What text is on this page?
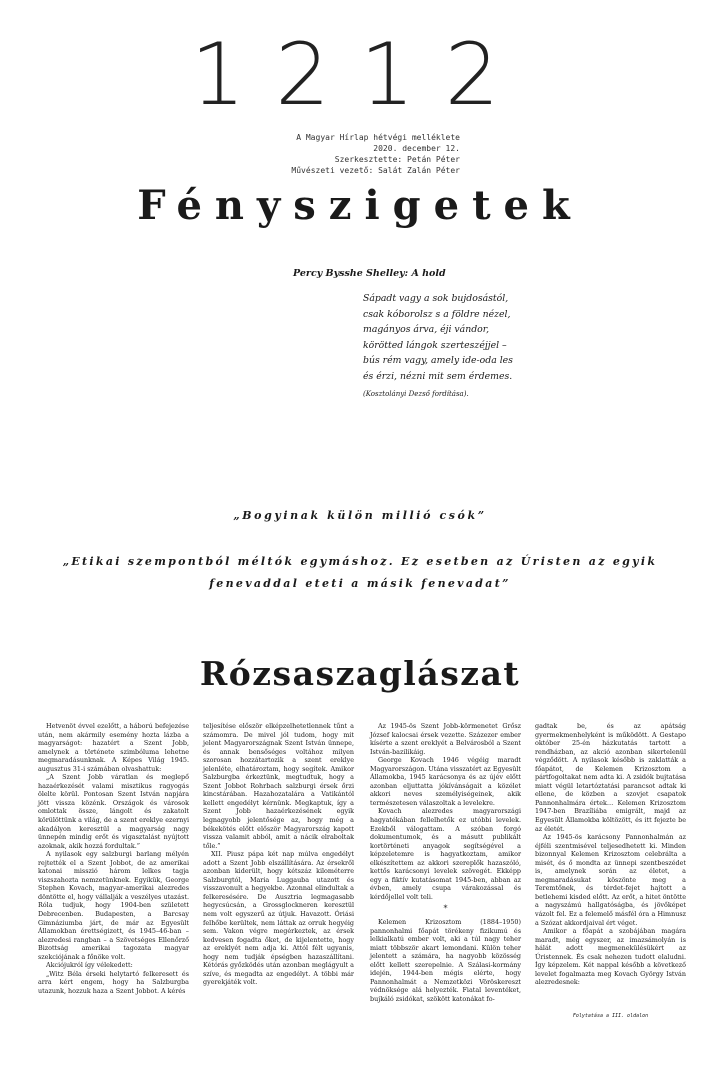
1212
A Magyar Hírlap hétvégi melléklete
2020. december 12.
Szerkesztette: Petán Péter
Művészeti vezető: Salát Zalán Péter
Fényszigetek
Percy Bysshe Shelley: A hold
Sápadt vagy a sok bujdosástól,
csak kóborolsz s a földre nézel,
magányos árva, éji vándor,
körötted lángok szerteszéjjel –
bús rém vagy, amely ide-oda les
és érzi, nézni mit sem érdemes.
(Kosztolányi Dezső fordítása).
„Bogyinak külön millió csók”
„Etikai szempontból méltók egymáshoz. Ez esetben az Úristen az egyik fenevaddal eteti a másik fenevadat”
Rózsaszaglászat

Hetvenöt évvel ezelőtt, a háború befejezése után, nem akármily esemény hozta lázba a magyarságot: hazatért a Szent Jobb, amelynek a története szimbóluma lehetne megmaradásunknak. A Képes Világ 1945. augusztus 31-i számában olvashattuk:

„A Szent Jobb váratlan és meglepő hazaérkezését valami misztikus ragyogás ölelte körül. Pontosan Szent István napjára jött vissza közénk. Országok és városok omlottak össze, lángolt és zakatolt körülöttünk a világ, de a szent ereklye ezernyi akadályon keresztül a magyarság nagy ünnepén mindig erőt és vigasztalást nyújtott azoknak, akik hozzá fordultak.”

A nyilasok egy salzburgi barlang mélyén rejtették el a Szent Jobbot, de az amerikai katonai misszió három lelkes tagja viszszahozta nemzetünknek. Egyikük, George Stephen Kovach, magyar-amerikai alezredes döntötte el, hogy vállalják a veszélyes utazást. Róla tudjuk, hogy 1904-ben született Debrecenben. Budapesten, a Barcsay Gimnáziumba járt, de már az Egyesült Államokban érettségizett, és 1945–46-ban – alezredesi rangban – a Szövetséges Ellenőrző Bizottság amerikai tagozata magyar szekciójának a főnöke volt.

Akciójukról így vélekedett:

„Witz Béla érseki helytartó felkeresett és arra kért engem, hogy ha Salzburgba utazunk, hozzuk haza a Szent Jobbot. A kérés

teljesítése először elképzelhetetlennek tűnt a számomra. De mivel jól tudom, hogy mit jelent Magyarországnak Szent István ünnepe, és annak bensőséges voltához milyen szorosan hozzátartozik a szent ereklye jelenléte, elhatároztam, hogy segítek. Amikor Salzburgba érkeztünk, megtudtuk, hogy a Szent Jobbot Rohrbach salzburgi érsek őrzi kincstárában. Hazahozatalára a Vatikántól kellett engedélyt kérnünk. Megkaptuk, így a Szent Jobb hazaérkezésének egyik legnagyobb jelentősége az, hogy még a békekötés előtt először Magyarország kapott vissza valamit abból, amit a nácik elraboltak tőle.”

XII. Piusz pápa két nap múlva engedélyt adott a Szent Jobb elszállítására. Az érsekről azonban kiderült, hogy kétszáz kilométerre Salzburgtól, Maria Luggauba utazott és visszavonult a hegyekbe. Azonnal elindultak a felkeresésére. De Ausztria legmagasabb hegycsúcsán, a Grossglockneren keresztül nem volt egyszerű az útjuk. Havazott. Óriási felhőbe kerültek, nem láttak az orruk hegyéig sem. Vakon végre megérkeztek, az érsek kedvesen fogadta őket, de kijelentette, hogy az ereklyét nem adja ki. Attól félt ugyanis, hogy nem tudják épségben hazaszállítani. Kétórás győzködés után azonban meglágyult a szíve, és megadta az engedélyt. A többi már gyerekjáték volt.

Az 1945-ös Szent Jobb-körmenetet Grősz József kalocsai érsek vezette. Százezer ember kísérte a szent ereklyét a Belvárosból a Szent István-bazilikáig.

George Kovach 1946 végéig maradt Magyarországon. Utána visszatért az Egyesült Államokba, 1945 karácsonya és az újév előtt azonban eljuttatta jókívánságait a közélet akkori neves személyiségeinek, akik természetesen válaszoltak a levelekre.

Kovach alezredes magyarországi hagyatékában fellelhetők ez utóbbi levelek. Ezekből válogattam. A szóban forgó dokumentumok, és a másutt publikált kortörténeti anyagok segítségével a képzeletemre is hagyatkoztam, amikor elkészítettem az akkori szereplők hazaszóló, kettős karácsonyi levelek szövegét. Ekképp egy a fiktív kutatásomat 1945-ben, abban az évben, amely csupa várakozással és kérdőjellel volt teli.

*

Kelemen Krizosztom (1884–1950) pannonhalmi főapát törékeny fizikumú és lelkialkatú ember volt, aki a túl nagy teher miatt többször akart lemondani. Külön teher jelentett a számára, ha nagyobb közösség előtt kellett szerepelnie. A Szálasi-kormány idején, 1944-ben mégis elérte, hogy Pannonhalmát a Nemzetközi Vöröskereszt védnöksége alá helyezték. Fiatal leventéket, bujkáló zsidókat, szökött katonákat fo-

gadtak be, és az apátság gyermekmenhelyként is működött. A Gestapo október 25-én házkutatás tartott a rendházban, az akció azonban sikertelenül végződött. A nyilasok később is zaklatták a főapátot, de Kelemen Krizosztom a pártfogoltakat nem adta ki. A zsidók bujtatása miatt végül letartóztatási parancsot adtak ki ellene, de közben a szovjet csapatok Pannonhalmára értek… Kelemen Krizosztom 1947-ben Brazíliába emigrált, majd az Egyesült Államokba költözött, és itt fejezte be az életét.

Az 1945-ös karácsony Pannonhalmán az éjféli szentmisével teljesedhetett ki. Minden bizonnyal Kelemen Krizosztom celebrálta a misét, és ő mondta az ünnepi szentbeszédet is, amelynek során az életet, a megmaradásukat köszönte meg a Teremtőnek, és térdet-fejet hajtott a betlehemi kisded előtt. Az erőt, a hitet öntötte a nagyszámú hallgatóságba, és jövőképet vázolt fel. Ez a felemelő másfél óra a Himnusz a Szózat akkordjaival ért véget.

Amikor a főapát a szobájában magára maradt, még egyszer, az imazsámolyán is hálát adott megmenekülésükért az Úristennek. És csak nehezen tudott elaludni. Így képzelem. Két nappal később a következő levelet fogalmazta meg Kovach György István alezredesnek:

Folytatása a III. oldalon
